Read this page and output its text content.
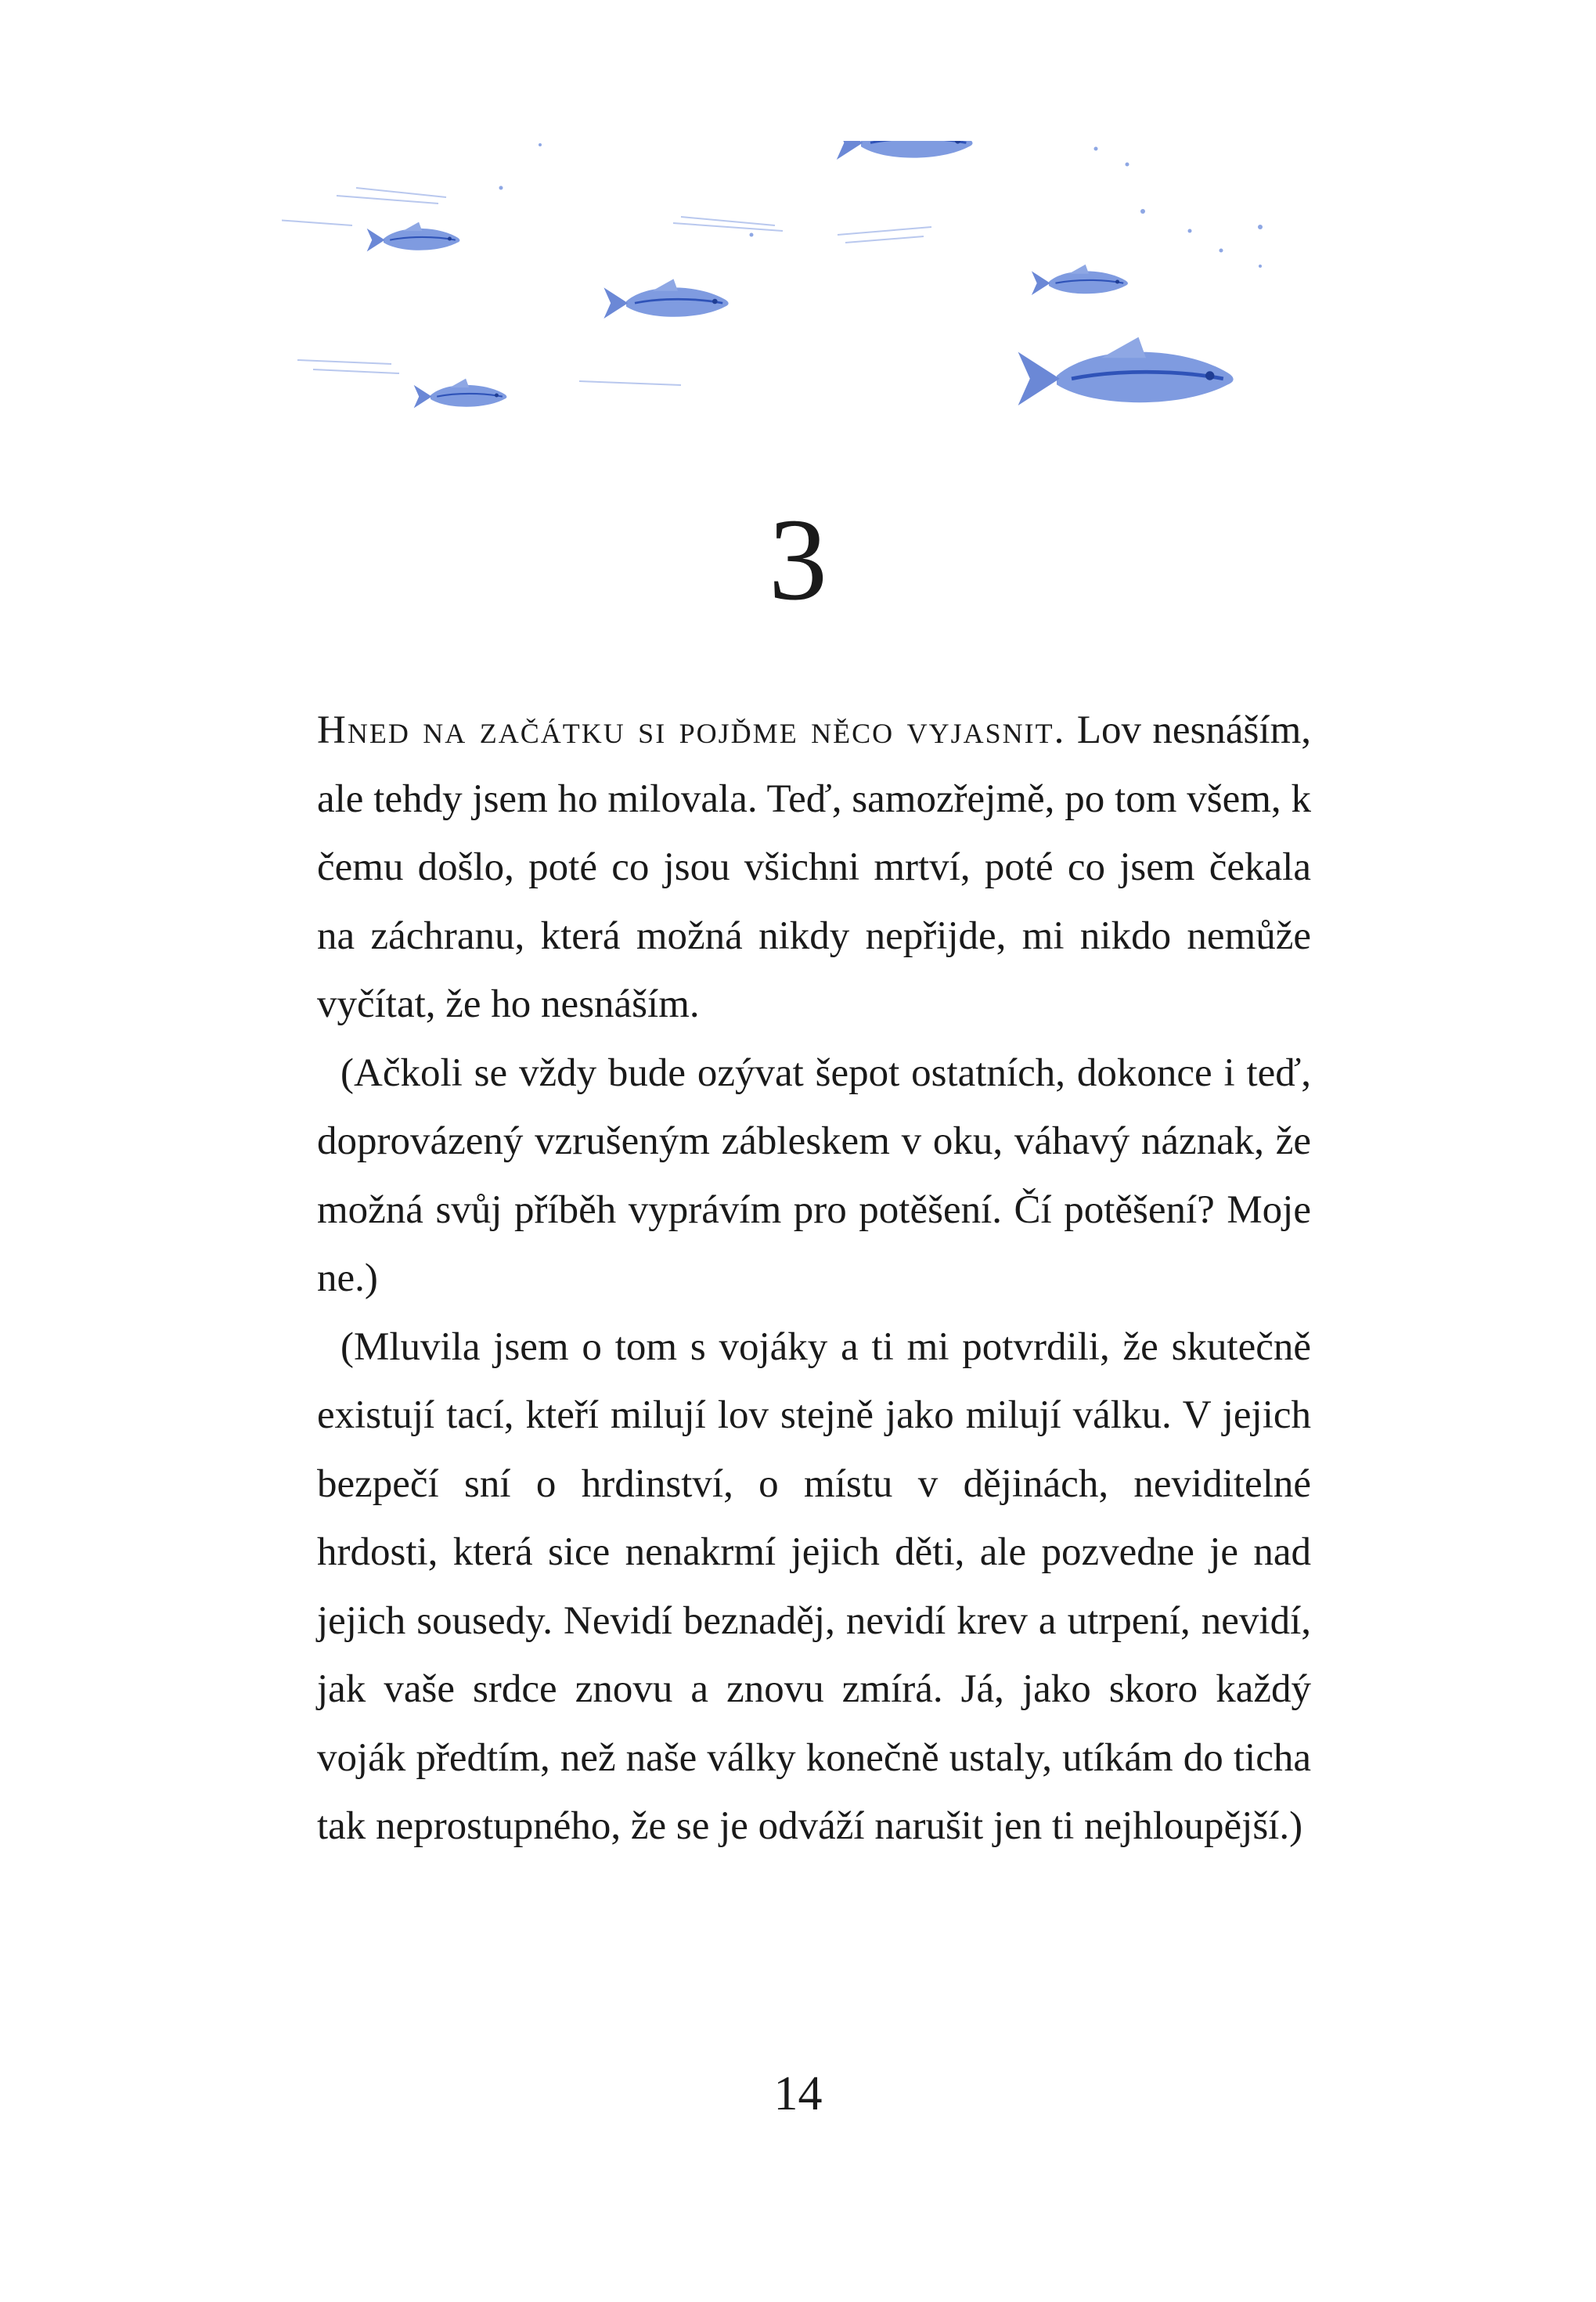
3

Hned na začátku si pojďme něco vyjasnit. Lov nesnáším, ale tehdy jsem ho milovala. Teď, samozřejmě, po tom všem, k čemu došlo, poté co jsou všichni mrtví, poté co jsem čekala na záchranu, která možná nikdy nepřijde, mi nikdo nemůže vyčítat, že ho nesnáším.

(Ačkoli se vždy bude ozývat šepot ostatních, dokonce i teď, doprovázený vzrušeným zábleskem v oku, váhavý náznak, že možná svůj příběh vyprávím pro potěšení. Čí potěšení? Moje ne.)

(Mluvila jsem o tom s vojáky a ti mi potvrdili, že skutečně existují tací, kteří milují lov stejně jako milují válku. V jejich bezpečí sní o hrdinství, o místu v dějinách, neviditelné hrdosti, která sice nenakrmí jejich děti, ale pozvedne je nad jejich sousedy. Nevidí beznaděj, nevidí krev a utrpení, nevidí, jak vaše srdce znovu a znovu zmírá. Já, jako skoro každý voják předtím, než naše války konečně ustaly, utíkám do ticha tak neprostupného, že se je odváží narušit jen ti nejhloupější.)

14
